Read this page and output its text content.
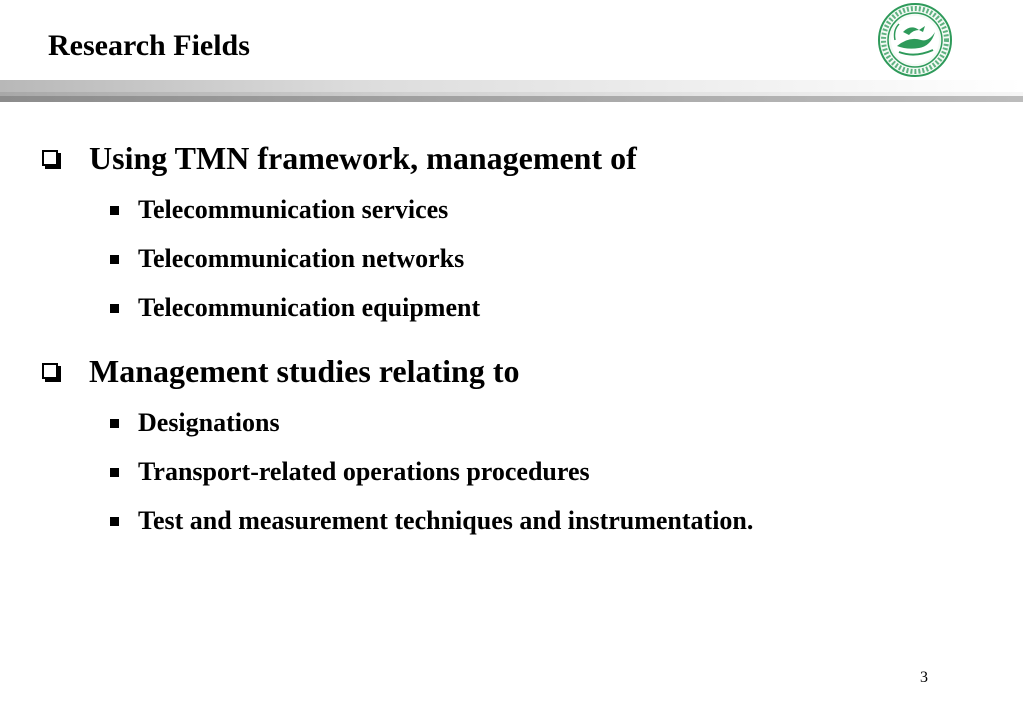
Research Fields
Using TMN framework, management of
Telecommunication services
Telecommunication networks
Telecommunication equipment
Management studies relating to
Designations
Transport-related operations procedures
Test and measurement techniques and instrumentation.
3
